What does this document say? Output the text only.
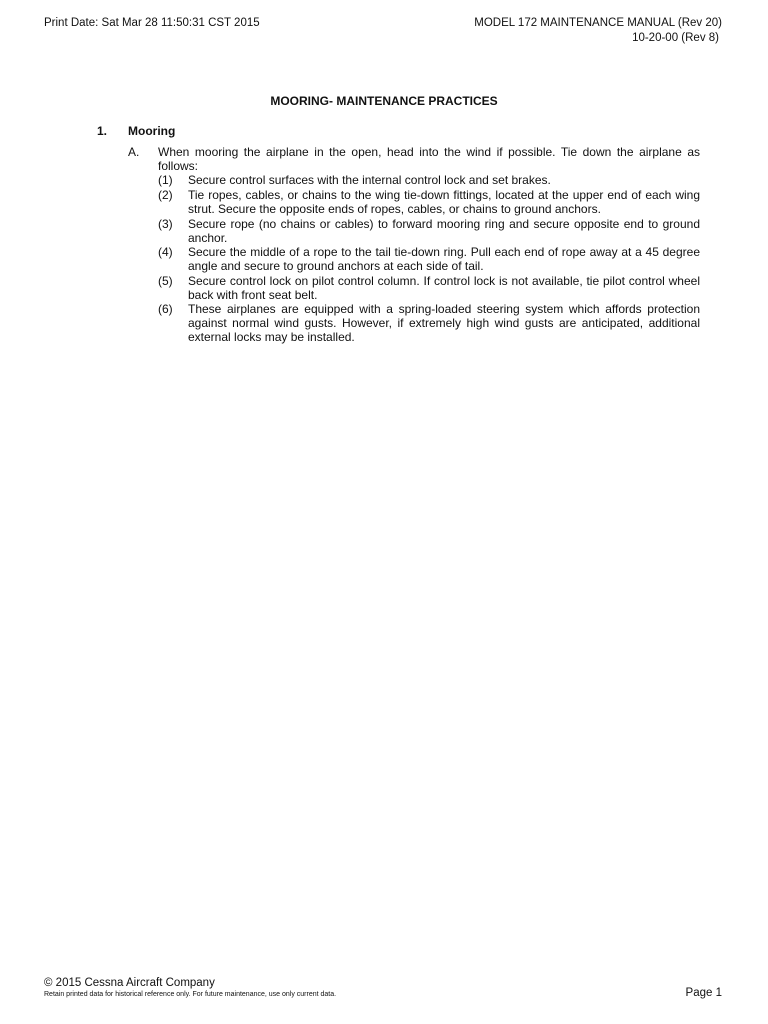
Print Date: Sat Mar 28 11:50:31 CST 2015	MODEL 172 MAINTENANCE MANUAL (Rev 20)
10-20-00 (Rev 8)
MOORING- MAINTENANCE PRACTICES
1. Mooring
A. When mooring the airplane in the open, head into the wind if possible. Tie down the airplane as follows:
(1) Secure control surfaces with the internal control lock and set brakes.
(2) Tie ropes, cables, or chains to the wing tie-down fittings, located at the upper end of each wing strut. Secure the opposite ends of ropes, cables, or chains to ground anchors.
(3) Secure rope (no chains or cables) to forward mooring ring and secure opposite end to ground anchor.
(4) Secure the middle of a rope to the tail tie-down ring. Pull each end of rope away at a 45 degree angle and secure to ground anchors at each side of tail.
(5) Secure control lock on pilot control column. If control lock is not available, tie pilot control wheel back with front seat belt.
(6) These airplanes are equipped with a spring-loaded steering system which affords protection against normal wind gusts. However, if extremely high wind gusts are anticipated, additional external locks may be installed.
© 2015 Cessna Aircraft Company
Retain printed data for historical reference only. For future maintenance, use only current data.	Page 1
